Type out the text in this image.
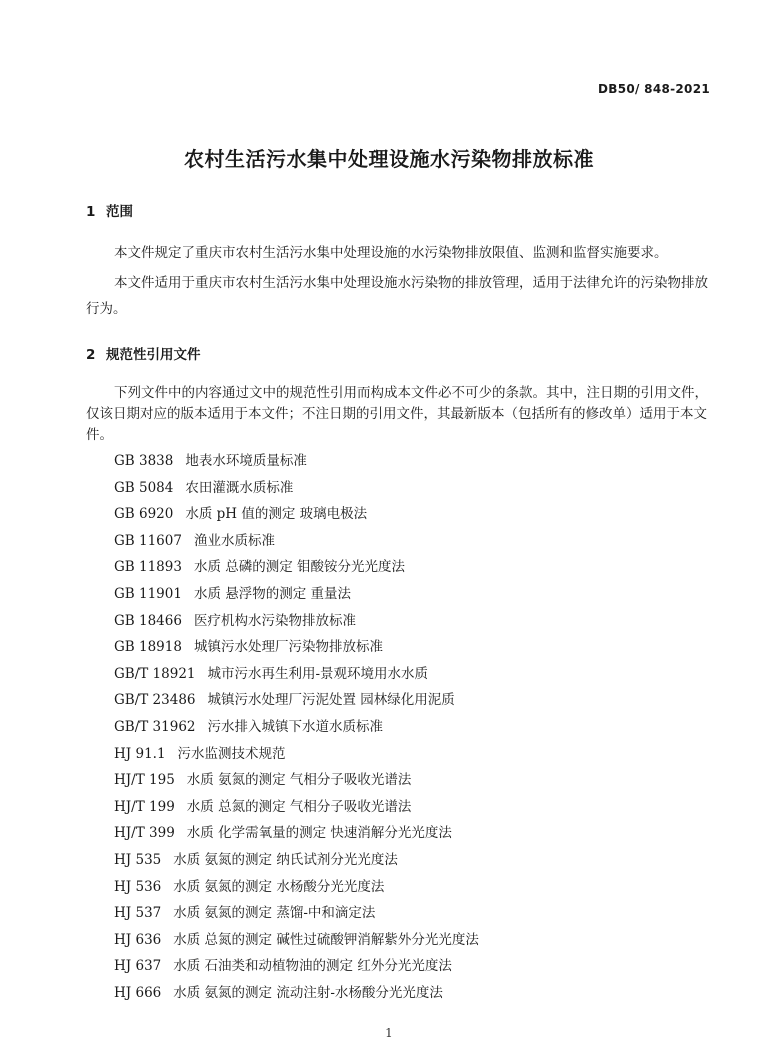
DB50/ 848-2021
农村生活污水集中处理设施水污染物排放标准
1 范围
本文件规定了重庆市农村生活污水集中处理设施的水污染物排放限值、监测和监督实施要求。
本文件适用于重庆市农村生活污水集中处理设施水污染物的排放管理，适用于法律允许的污染物排放行为。
2 规范性引用文件
下列文件中的内容通过文中的规范性引用而构成本文件必不可少的条款。其中，注日期的引用文件，仅该日期对应的版本适用于本文件；不注日期的引用文件，其最新版本（包括所有的修改单）适用于本文件。
GB 3838 地表水环境质量标准
GB 5084 农田灌溉水质标准
GB 6920 水质 pH 值的测定 玻璃电极法
GB 11607 渔业水质标准
GB 11893 水质 总磷的测定 钼酸铵分光光度法
GB 11901 水质 悬浮物的测定 重量法
GB 18466 医疗机构水污染物排放标准
GB 18918 城镇污水处理厂污染物排放标准
GB/T 18921 城市污水再生利用-景观环境用水水质
GB/T 23486 城镇污水处理厂污泥处置 园林绿化用泥质
GB/T 31962 污水排入城镇下水道水质标准
HJ 91.1 污水监测技术规范
HJ/T 195 水质 氨氮的测定 气相分子吸收光谱法
HJ/T 199 水质 总氮的测定 气相分子吸收光谱法
HJ/T 399 水质 化学需氧量的测定 快速消解分光光度法
HJ 535 水质 氨氮的测定 纳氏试剂分光光度法
HJ 536 水质 氨氮的测定 水杨酸分光光度法
HJ 537 水质 氨氮的测定 蒸馏-中和滴定法
HJ 636 水质 总氮的测定 碱性过硫酸钾消解紫外分光光度法
HJ 637 水质 石油类和动植物油的测定 红外分光光度法
HJ 666 水质 氨氮的测定 流动注射-水杨酸分光光度法
1
